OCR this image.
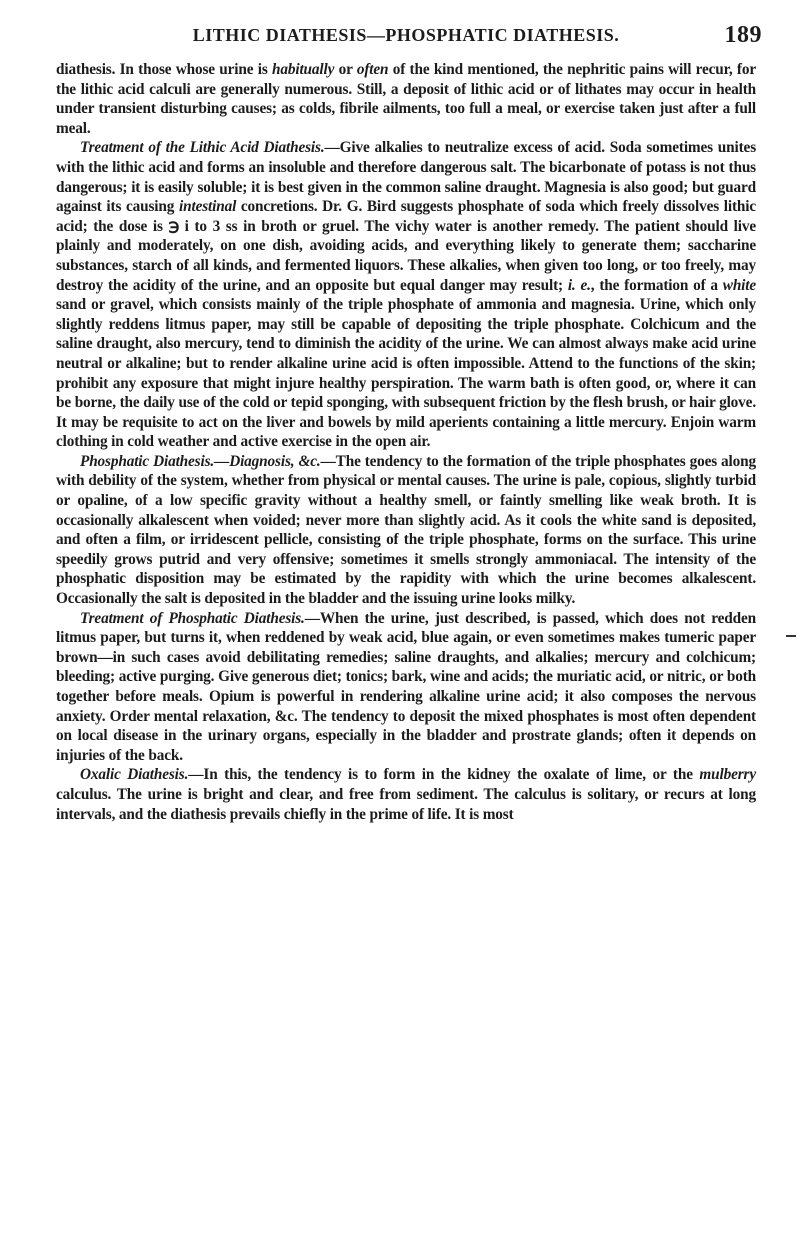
LITHIC DIATHESIS—PHOSPHATIC DIATHESIS.	189

diathesis. In those whose urine is habitually or often of the kind mentioned, the nephritic pains will recur, for the lithic acid calculi are generally numerous. Still, a deposit of lithic acid or of lithates may occur in health under transient disturbing causes; as colds, fibrile ailments, too full a meal, or exercise taken just after a full meal.

Treatment of the Lithic Acid Diathesis.—Give alkalies to neutralize excess of acid. Soda sometimes unites with the lithic acid and forms an insoluble and therefore dangerous salt. The bicarbonate of potass is not thus dangerous; it is easily soluble; it is best given in the common saline draught. Magnesia is also good; but guard against its causing intestinal concretions. Dr. G. Bird suggests phosphate of soda which freely dissolves lithic acid; the dose is ℈ i to 3 ss in broth or gruel. The vichy water is another remedy. The patient should live plainly and moderately, on one dish, avoiding acids, and everything likely to generate them; saccharine substances, starch of all kinds, and fermented liquors. These alkalies, when given too long, or too freely, may destroy the acidity of the urine, and an opposite but equal danger may result; i. e., the formation of a white sand or gravel, which consists mainly of the triple phosphate of ammonia and magnesia. Urine, which only slightly reddens litmus paper, may still be capable of depositing the triple phosphate. Colchicum and the saline draught, also mercury, tend to diminish the acidity of the urine. We can almost always make acid urine neutral or alkaline; but to render alkaline urine acid is often impossible. Attend to the functions of the skin; prohibit any exposure that might injure healthy perspiration. The warm bath is often good, or, where it can be borne, the daily use of the cold or tepid sponging, with subsequent friction by the flesh brush, or hair glove. It may be requisite to act on the liver and bowels by mild aperients containing a little mercury. Enjoin warm clothing in cold weather and active exercise in the open air.

Phosphatic Diathesis.—Diagnosis, &c.—The tendency to the formation of the triple phosphates goes along with debility of the system, whether from physical or mental causes. The urine is pale, copious, slightly turbid or opaline, of a low specific gravity without a healthy smell, or faintly smelling like weak broth. It is occasionally alkalescent when voided; never more than slightly acid. As it cools the white sand is deposited, and often a film, or irridescent pellicle, consisting of the triple phosphate, forms on the surface. This urine speedily grows putrid and very offensive; sometimes it smells strongly ammoniacal. The intensity of the phosphatic disposition may be estimated by the rapidity with which the urine becomes alkalescent. Occasionally the salt is deposited in the bladder and the issuing urine looks milky.

Treatment of Phosphatic Diathesis.—When the urine, just described, is passed, which does not redden litmus paper, but turns it, when reddened by weak acid, blue again, or even sometimes makes tumeric paper brown—in such cases avoid debilitating remedies; saline draughts, and alkalies; mercury and colchicum; bleeding; active purging. Give generous diet; tonics; bark, wine and acids; the muriatic acid, or nitric, or both together before meals. Opium is powerful in rendering alkaline urine acid; it also composes the nervous anxiety. Order mental relaxation, &c. The tendency to deposit the mixed phosphates is most often dependent on local disease in the urinary organs, especially in the bladder and prostrate glands; often it depends on injuries of the back.

Oxalic Diathesis.—In this, the tendency is to form in the kidney the oxalate of lime, or the mulberry calculus. The urine is bright and clear, and free from sediment. The calculus is solitary, or recurs at long intervals, and the diathesis prevails chiefly in the prime of life. It is most
